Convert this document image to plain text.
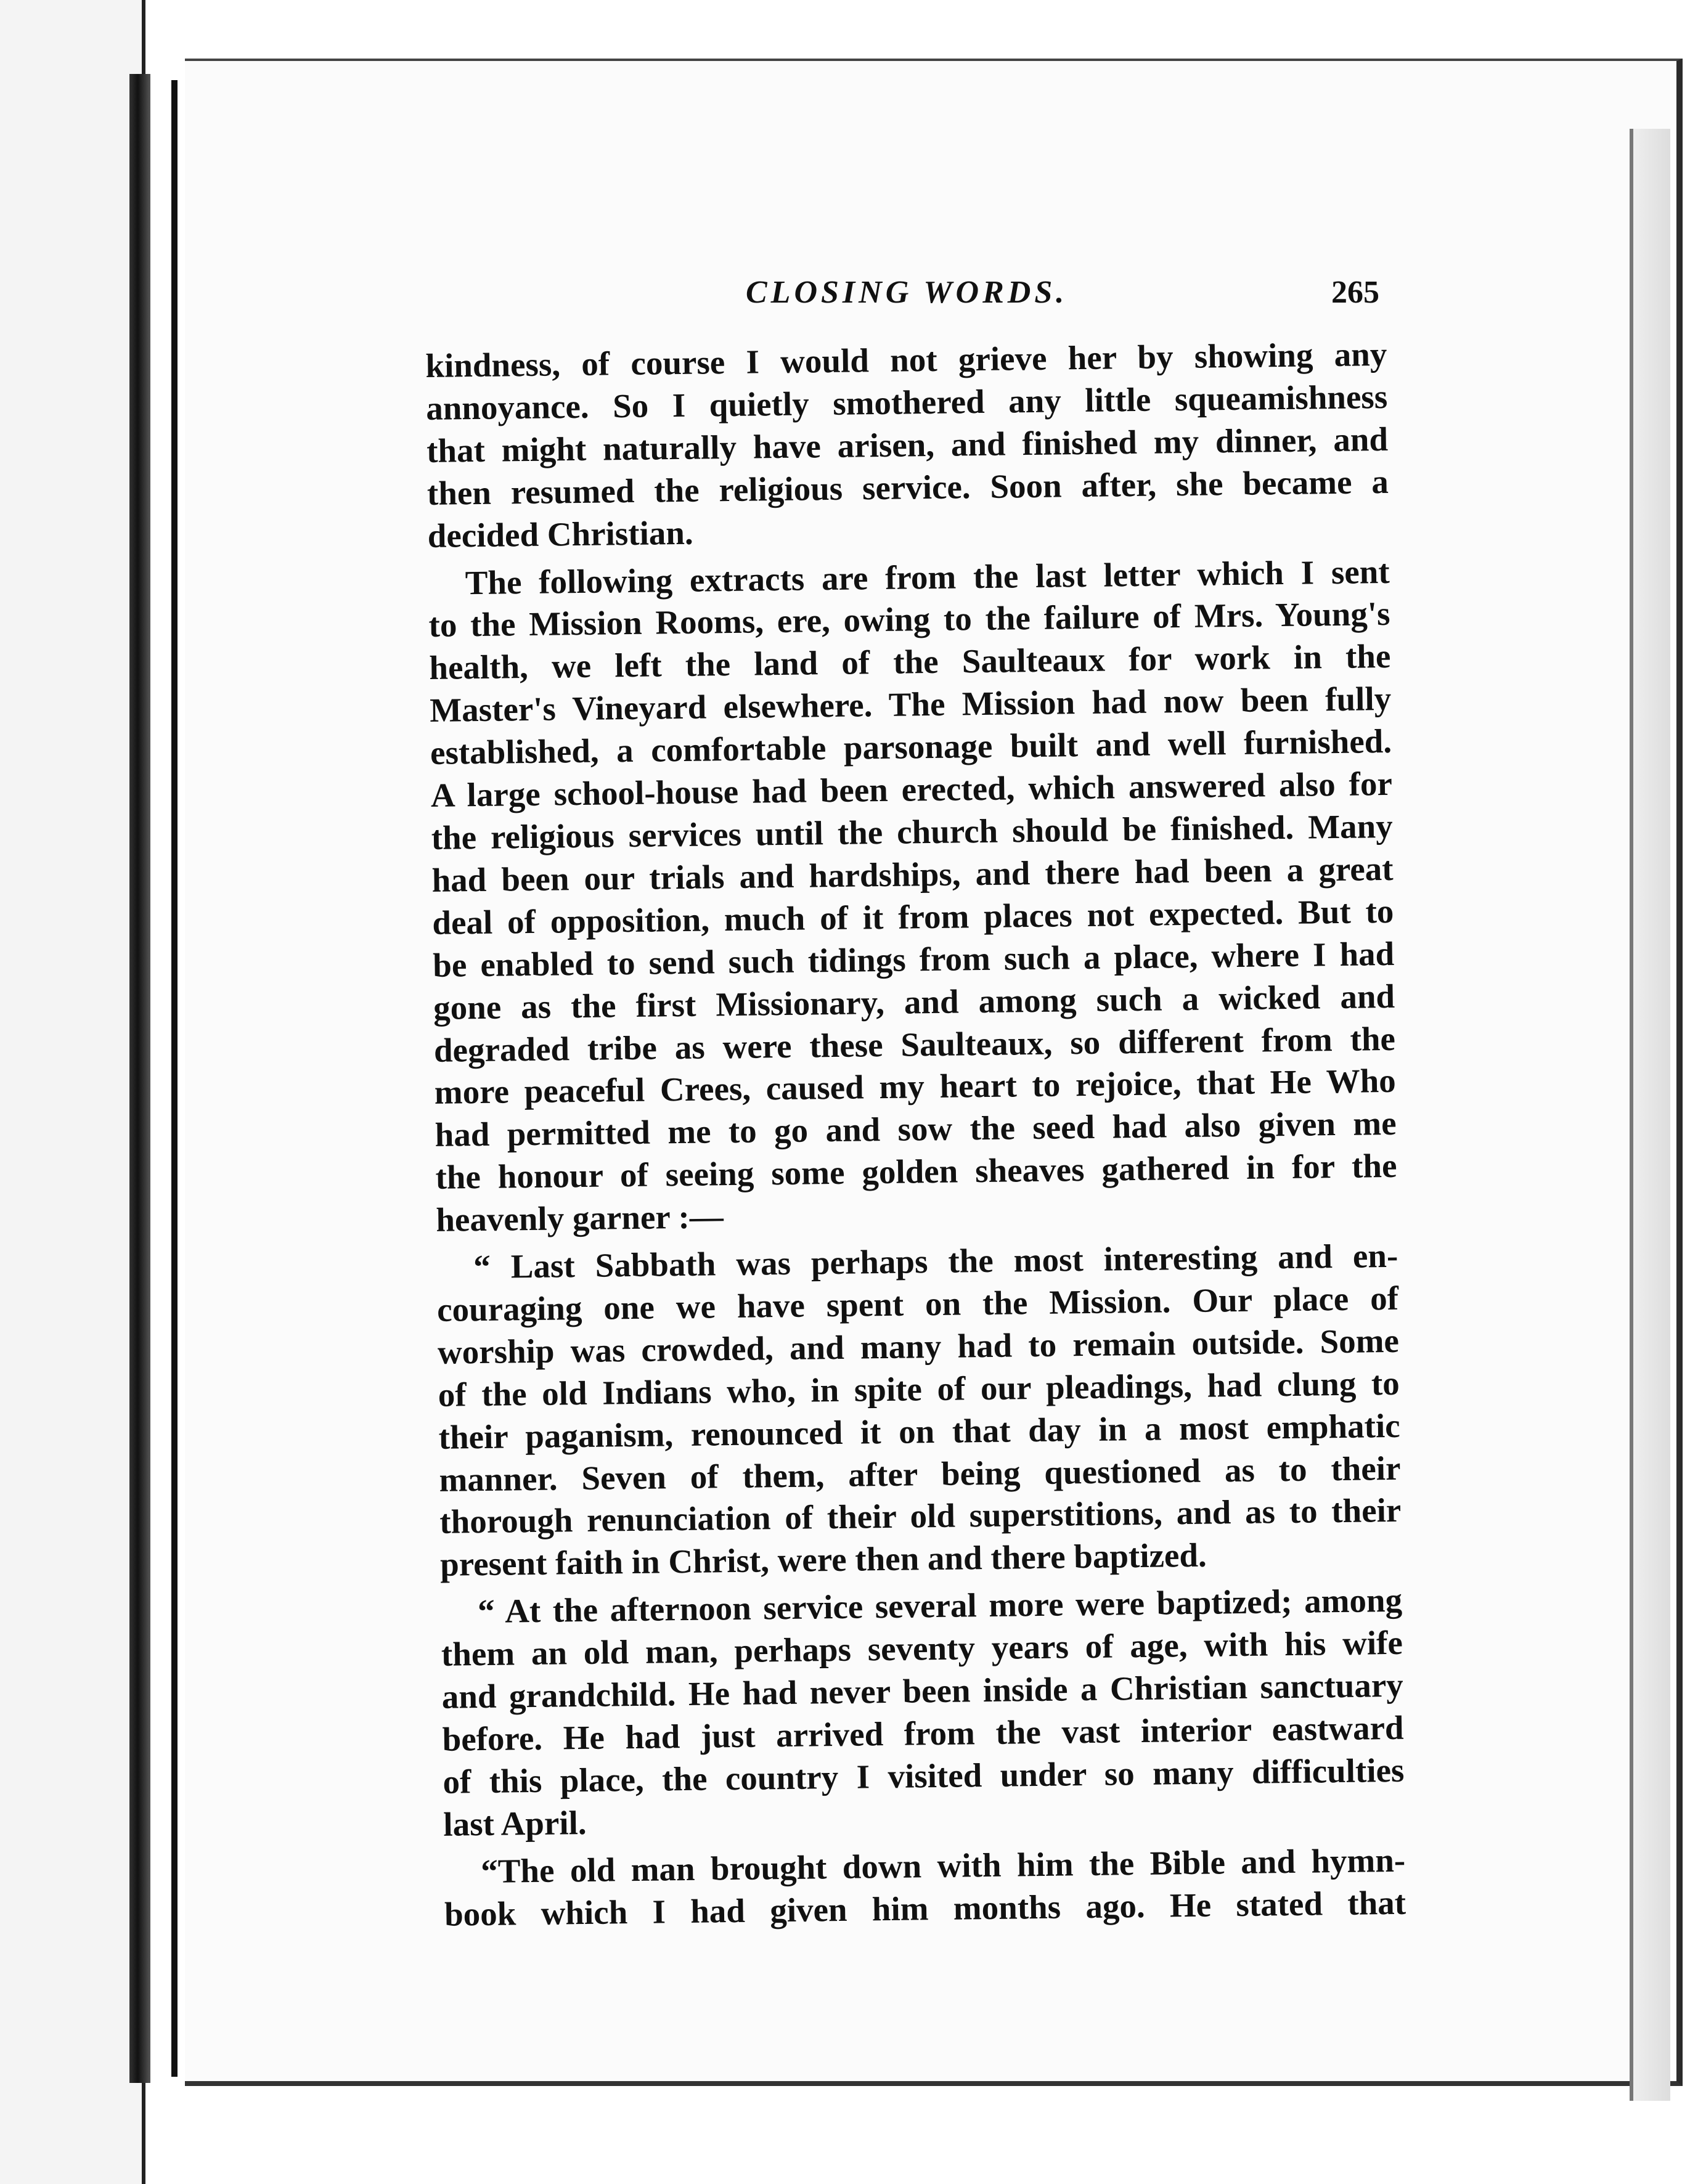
CLOSING WORDS.	265

kindness, of course I would not grieve her by showing any
annoyance. So I quietly smothered any little squeamishness
that might naturally have arisen, and finished my dinner, and
then resumed the religious service. Soon after, she became a
decided Christian.

The following extracts are from the last letter which I sent

to the Mission Rooms, ere, owing to the failure of Mrs. Young's
health, we left the land of the Saulteaux for work in the
Master's Vineyard elsewhere. The Mission had now been fully
established, a comfortable parsonage built and well furnished.
A large school-house had been erected, which answered also for
the religious services until the church should be finished. Many
had been our trials and hardships, and there had been a great
deal of opposition, much of it from places not expected. But to
be enabled to send such tidings from such a place, where I had
gone as the first Missionary, and among such a wicked and
degraded tribe as were these Saulteaux, so different from the
more peaceful Crees, caused my heart to rejoice, that He Who
had permitted me to go and sow the seed had also given me
the honour of seeing some golden sheaves gathered in for the
heavenly garner :—

“ Last Sabbath was perhaps the most interesting and en-

couraging one we have spent on the Mission. Our place of
worship was crowded, and many had to remain outside. Some
of the old Indians who, in spite of our pleadings, had clung to
their paganism, renounced it on that day in a most emphatic
manner. Seven of them, after being questioned as to their
thorough renunciation of their old superstitions, and as to their
present faith in Christ, were then and there baptized.

“ At the afternoon service several more were baptized; among

them an old man, perhaps seventy years of age, with his wife
and grandchild. He had never been inside a Christian sanctuary
before. He had just arrived from the vast interior eastward
of this place, the country I visited under so many difficulties
last April.

“The old man brought down with him the Bible and hymn-

book which I had given him months ago. He stated that
